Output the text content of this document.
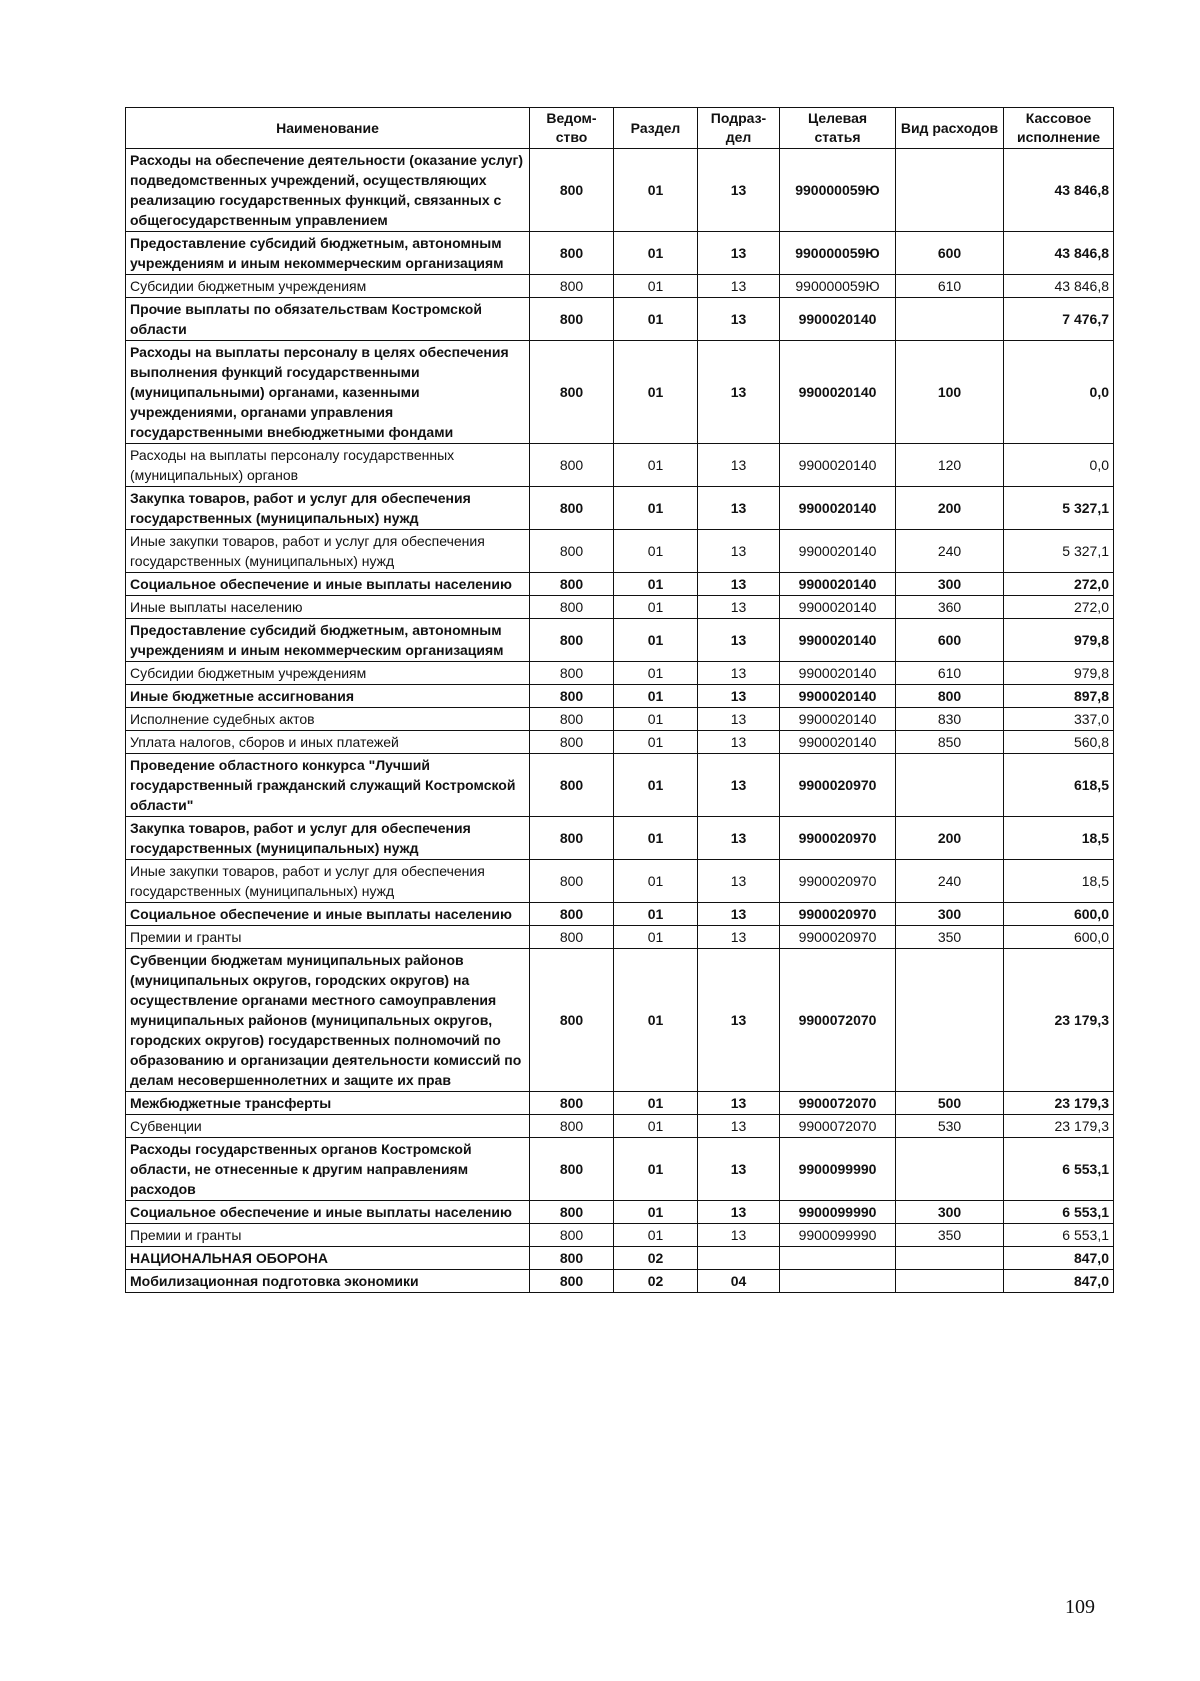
Наименование	Ведом-ство	Раздел	Подраз-дел	Целевая статья	Вид расходов	Кассовое исполнение
Расходы на обеспечение деятельности (оказание услуг) подведомственных учреждений, осуществляющих реализацию государственных функций, связанных с общегосударственным управлением	800	01	13	990000059Ю		43 846,8
Предоставление субсидий бюджетным, автономным учреждениям и иным некоммерческим организациям	800	01	13	990000059Ю	600	43 846,8
Субсидии бюджетным учреждениям	800	01	13	990000059Ю	610	43 846,8
Прочие выплаты по обязательствам Костромской области	800	01	13	9900020140		7 476,7
Расходы на выплаты персоналу в целях обеспечения выполнения функций государственными (муниципальными) органами, казенными учреждениями, органами управления государственными внебюджетными фондами	800	01	13	9900020140	100	0,0
Расходы на выплаты персоналу государственных (муниципальных) органов	800	01	13	9900020140	120	0,0
Закупка товаров, работ и услуг для обеспечения государственных (муниципальных) нужд	800	01	13	9900020140	200	5 327,1
Иные закупки товаров, работ и услуг для обеспечения государственных (муниципальных) нужд	800	01	13	9900020140	240	5 327,1
Социальное обеспечение и иные выплаты населению	800	01	13	9900020140	300	272,0
Иные выплаты населению	800	01	13	9900020140	360	272,0
Предоставление субсидий бюджетным, автономным учреждениям и иным некоммерческим организациям	800	01	13	9900020140	600	979,8
Субсидии бюджетным учреждениям	800	01	13	9900020140	610	979,8
Иные бюджетные ассигнования	800	01	13	9900020140	800	897,8
Исполнение судебных актов	800	01	13	9900020140	830	337,0
Уплата налогов, сборов и иных платежей	800	01	13	9900020140	850	560,8
Проведение областного конкурса "Лучший государственный гражданский служащий Костромской области"	800	01	13	9900020970		618,5
Закупка товаров, работ и услуг для обеспечения государственных (муниципальных) нужд	800	01	13	9900020970	200	18,5
Иные закупки товаров, работ и услуг для обеспечения государственных (муниципальных) нужд	800	01	13	9900020970	240	18,5
Социальное обеспечение и иные выплаты населению	800	01	13	9900020970	300	600,0
Премии и гранты	800	01	13	9900020970	350	600,0
Субвенции бюджетам муниципальных районов (муниципальных округов, городских округов) на осуществление органами местного самоуправления муниципальных районов (муниципальных округов, городских округов) государственных полномочий по образованию и организации деятельности комиссий по делам несовершеннолетних и защите их прав	800	01	13	9900072070		23 179,3
Межбюджетные трансферты	800	01	13	9900072070	500	23 179,3
Субвенции	800	01	13	9900072070	530	23 179,3
Расходы государственных органов Костромской области, не отнесенные к другим направлениям расходов	800	01	13	9900099990		6 553,1
Социальное обеспечение и иные выплаты населению	800	01	13	9900099990	300	6 553,1
Премии и гранты	800	01	13	9900099990	350	6 553,1
НАЦИОНАЛЬНАЯ ОБОРОНА	800	02				847,0
Мобилизационная подготовка экономики	800	02	04			847,0
109
